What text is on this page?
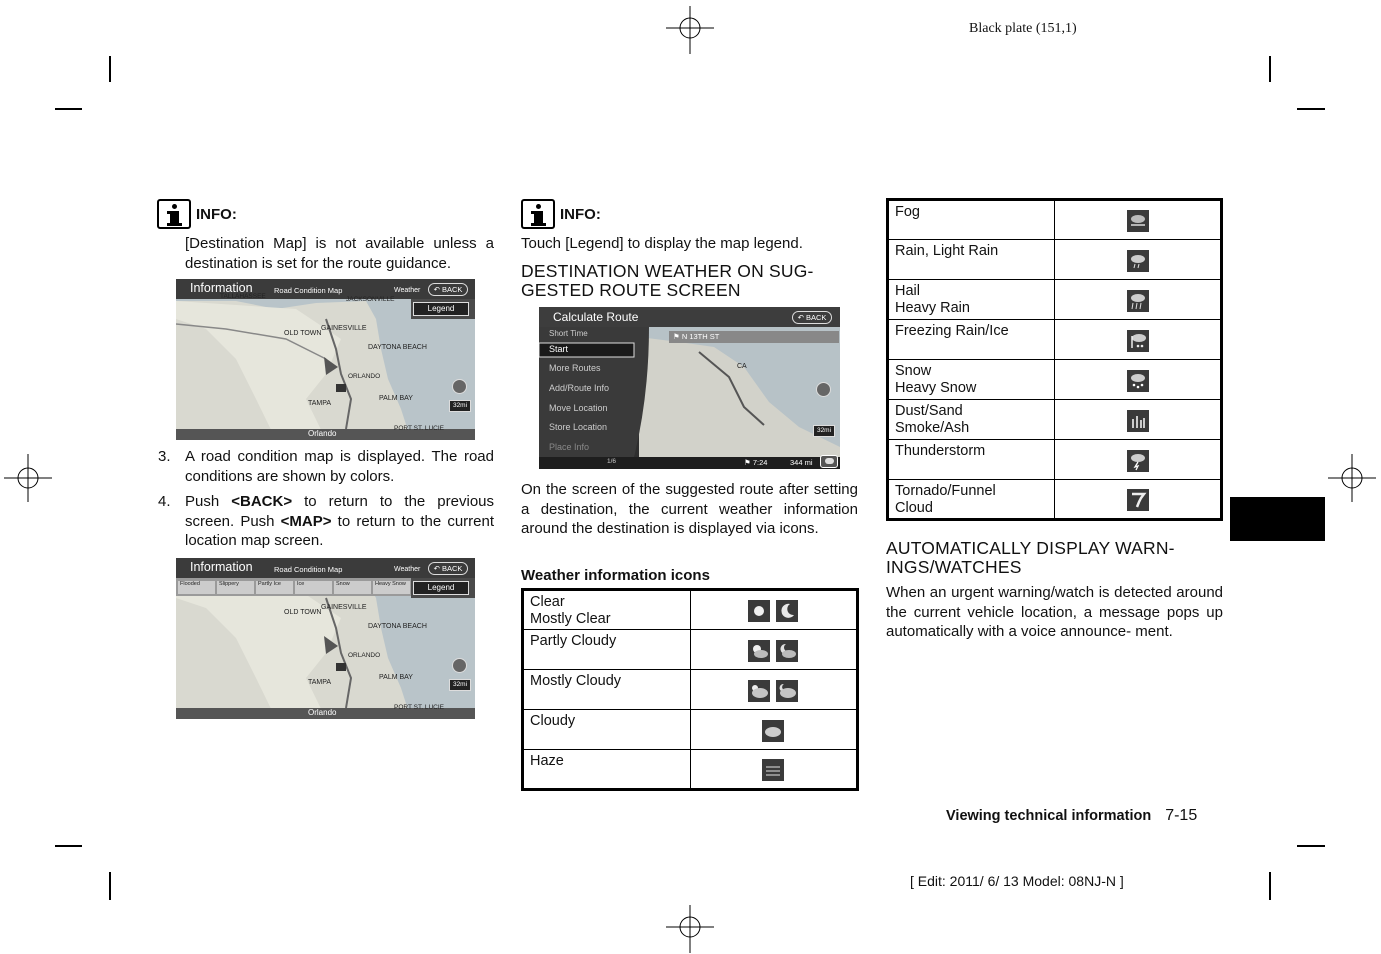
Black plate (151,1)
INFO:
[Destination Map] is not available unless a destination is set for the route guidance.
Information	Road Condition Map	Weather	↶ BACK
Legend
TALLAHASSEE	JACKSONVILLE
OLD TOWN
GAINESVILLE
DAYTONA BEACH
ORLANDO
PALM BAY
TAMPA
PORT ST. LUCIE
32mi
Orlando
3. A road condition map is displayed. The road conditions are shown by colors.
4. Push <BACK> to return to the previous screen. Push <MAP> to return to the current location map screen.
Information	Road Condition Map	Weather	↶ BACK
Legend
Flooded	Slippery	Partly Ice	Ice	Snow	Heavy Snow
OLD TOWN
GAINESVILLE
DAYTONA BEACH
ORLANDO
PALM BAY
TAMPA
PORT ST. LUCIE
32mi
Orlando
INFO:
Touch [Legend] to display the map legend.
DESTINATION WEATHER ON SUG- GESTED ROUTE SCREEN
Calculate Route	↶ BACK
Short Time
Start
More Routes
Add/Route Info
Move Location
Store Location
Place Info
1/6
⚑ N 13TH ST
CA
32mi
⚑ 7:24	344 mi
On the screen of the suggested route after setting a destination, the current weather information around the destination is displayed via icons.
Weather information icons
Clear
Mostly Clear	

Partly Cloudy	

Mostly Cloudy	

Cloudy	

Haze	
Fog	

Rain, Light Rain	

Hail
Heavy Rain	

Freezing Rain/Ice	

Snow
Heavy Snow	

Dust/Sand
Smoke/Ash	

Thunderstorm	

Tornado/Funnel
Cloud	
AUTOMATICALLY DISPLAY WARN- INGS/WATCHES
When an urgent warning/watch is detected around the current vehicle location, a message pops up automatically with a voice announce- ment.
Viewing technical information 7-15
[ Edit: 2011/ 6/ 13 Model: 08NJ-N ]
